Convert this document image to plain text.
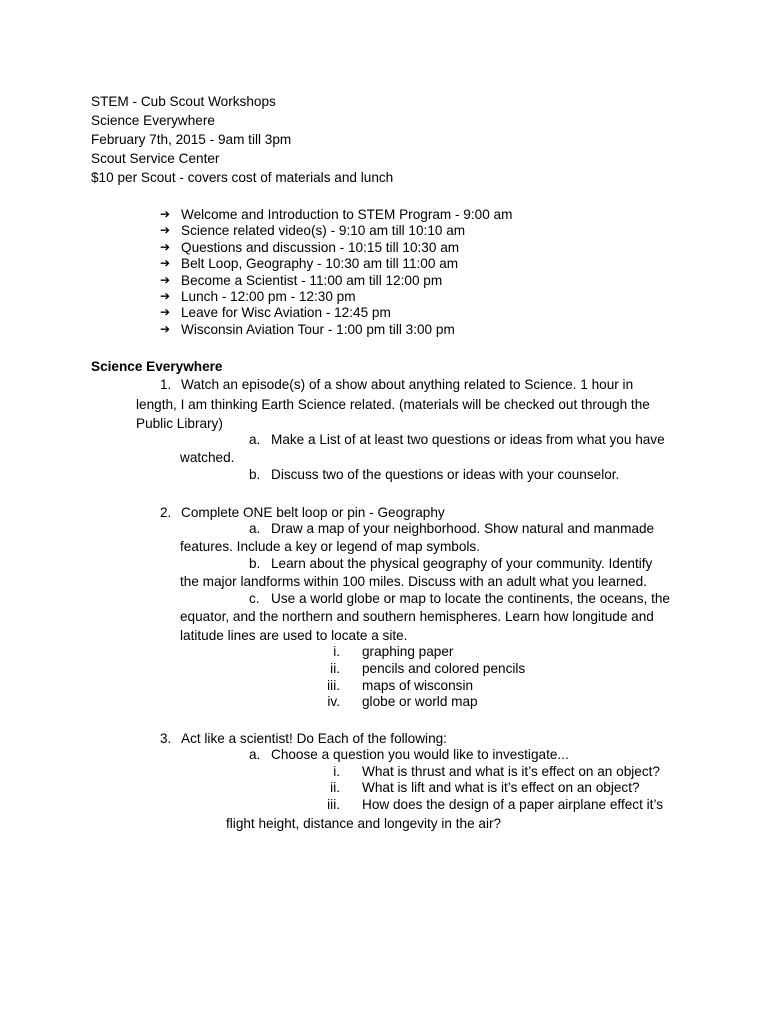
STEM - Cub Scout Workshops
Science Everywhere
February 7th, 2015 - 9am till 3pm
Scout Service Center
$10 per Scout - covers cost of materials and lunch
➔ Welcome and Introduction to STEM Program - 9:00 am
➔ Science related video(s) - 9:10 am till 10:10 am
➔ Questions and discussion - 10:15 till 10:30 am
➔ Belt Loop, Geography - 10:30 am till 11:00 am
➔ Become a Scientist - 11:00 am till 12:00 pm
➔ Lunch - 12:00 pm - 12:30 pm
➔ Leave for Wisc Aviation - 12:45 pm
➔ Wisconsin Aviation Tour - 1:00 pm till 3:00 pm
Science Everywhere
1. Watch an episode(s) of a show about anything related to Science. 1 hour in
length, I am thinking Earth Science related. (materials will be checked out through the
Public Library)
a. Make a List of at least two questions or ideas from what you have
watched.
b. Discuss two of the questions or ideas with your counselor.
2. Complete ONE belt loop or pin - Geography
a. Draw a map of your neighborhood. Show natural and manmade
features. Include a key or legend of map symbols.
b. Learn about the physical geography of your community. Identify
the major landforms within 100 miles. Discuss with an adult what you learned.
c. Use a world globe or map to locate the continents, the oceans, the
equator, and the northern and southern hemispheres. Learn how longitude and
latitude lines are used to locate a site.
i. graphing paper
ii. pencils and colored pencils
iii. maps of wisconsin
iv. globe or world map
3. Act like a scientist! Do Each of the following:
a. Choose a question you would like to investigate...
i. What is thrust and what is it’s effect on an object?
ii. What is lift and what is it’s effect on an object?
iii. How does the design of a paper airplane effect it’s
flight height, distance and longevity in the air?
